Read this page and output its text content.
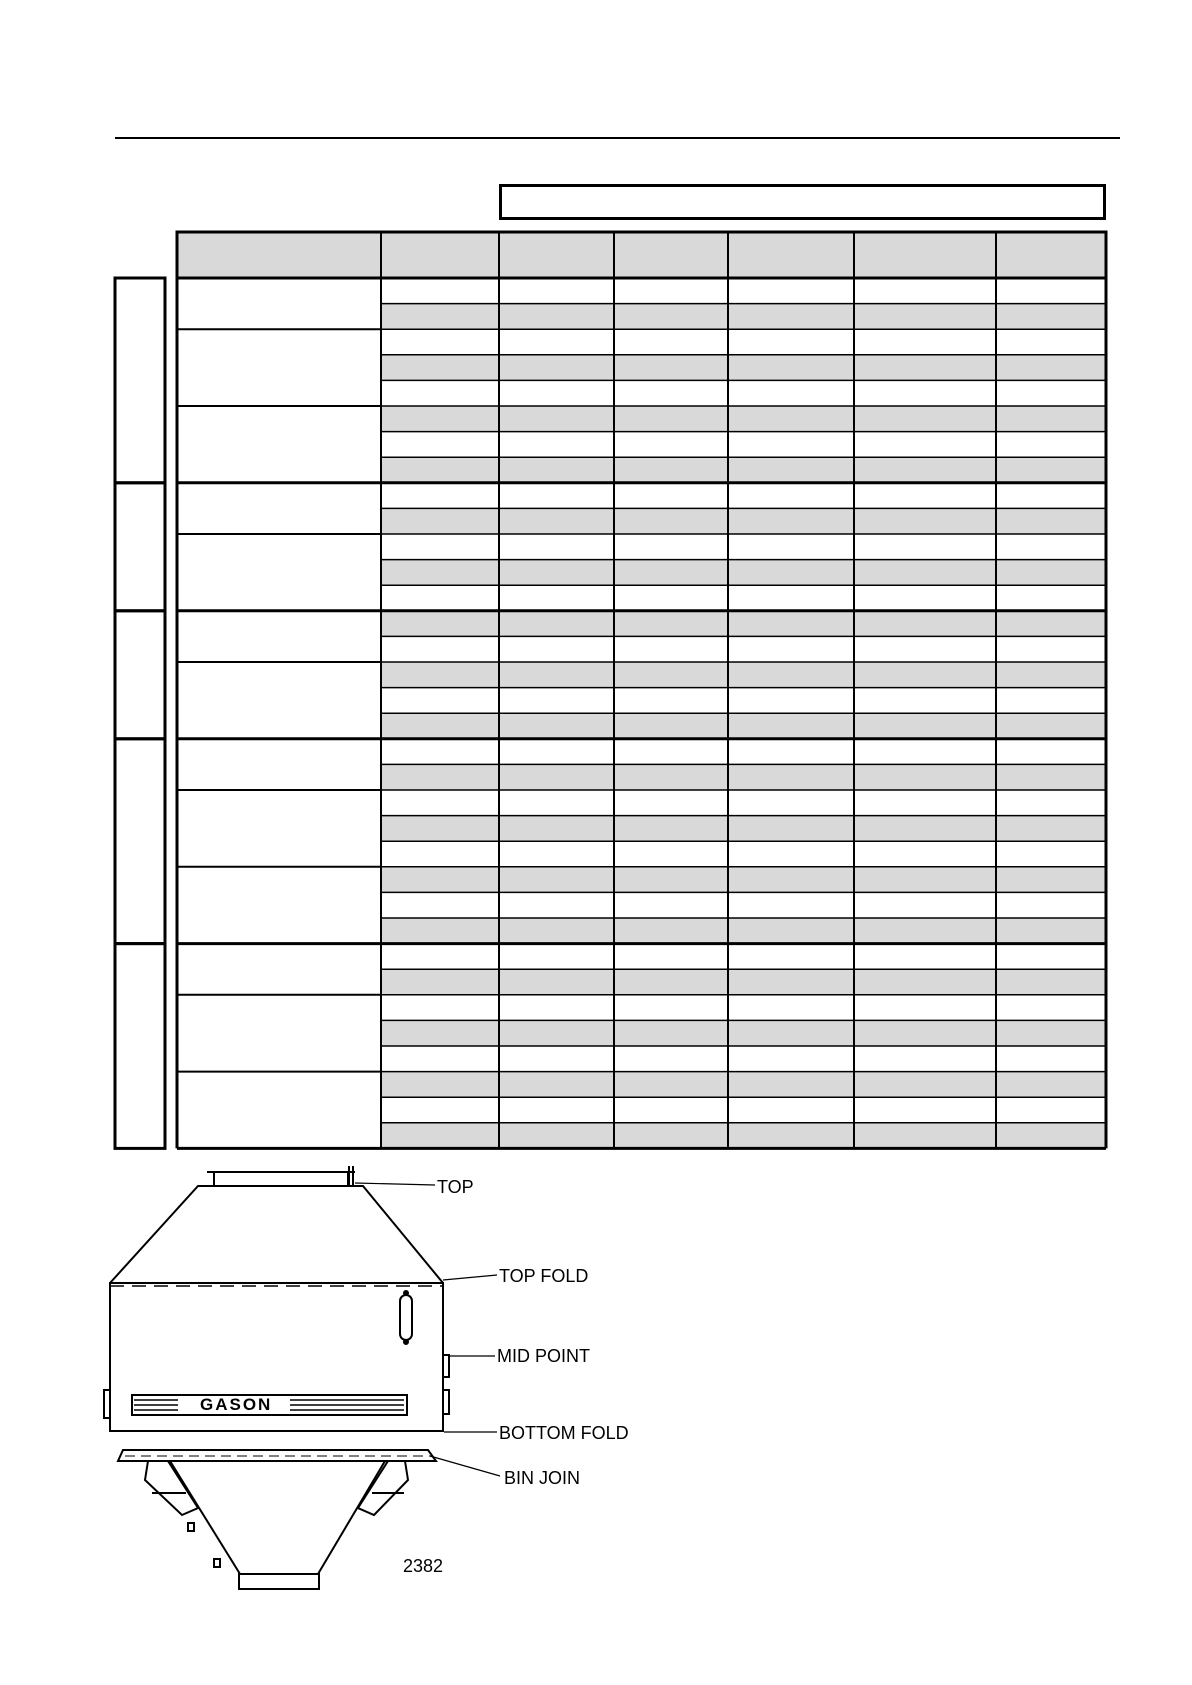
TOP
TOP FOLD
MID POINT
BOTTOM FOLD
BIN JOIN
GASON
2382
